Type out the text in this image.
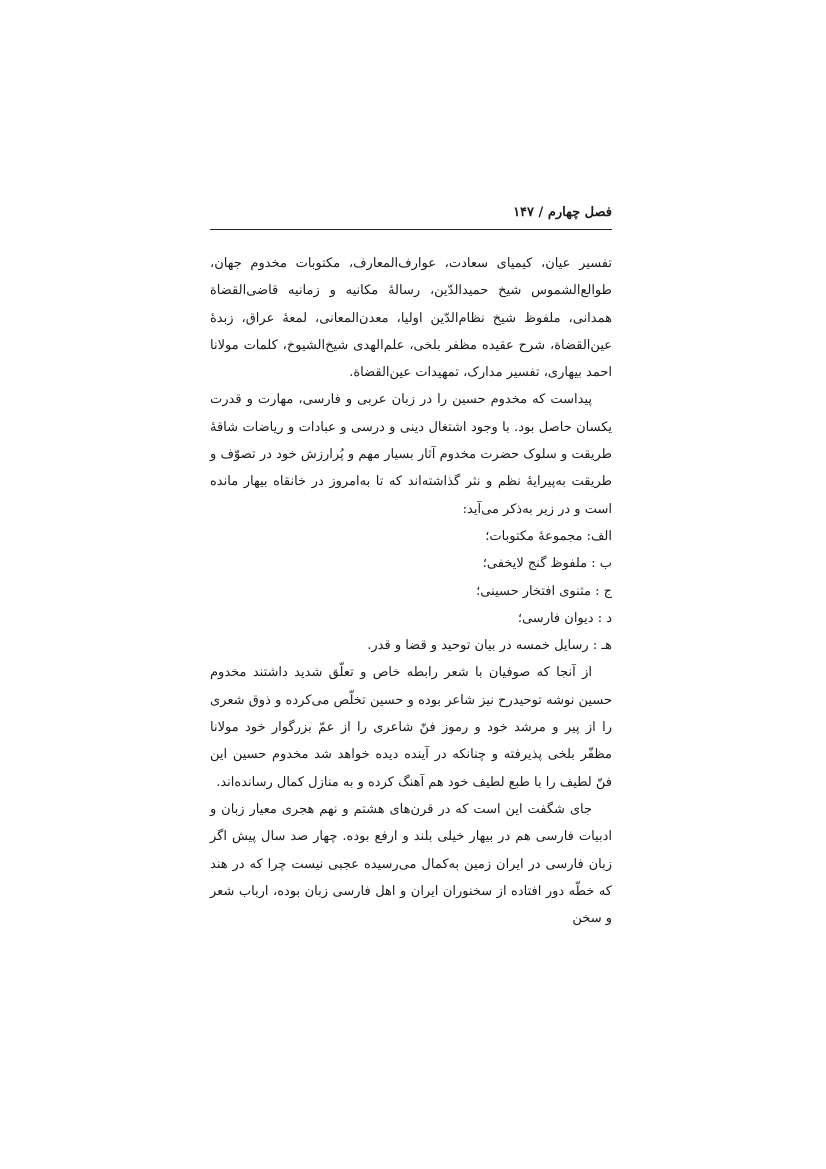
فصل چهارم / ۱۴۷

تفسیر عیان، کیمیای سعادت، عوارف‌المعارف، مکتوبات مخدوم جهان، طوالع‌الشموس شیخ حمیدالدّین، رسالهٔ مکانیه و زمانیه قاضی‌القضاة همدانی، ملفوظ شیخ نظام‌الدّین اولیا، معدن‌المعانی، لمعهٔ عراق، زبدهٔ عین‌القضاة، شرح عقیده مظفر بلخی، علم‌الهدی شیخ‌الشیوخ، کلمات مولانا احمد بیهاری، تفسیر مدارک، تمهیدات عین‌القضاة.

پیداست که مخدوم حسین را در زبان عربی و فارسی، مهارت و قدرت یکسان حاصل بود. با وجود اشتغال دینی و درسی و عبادات و ریاضات شاقهٔ طریقت و سلوک حضرت مخدوم آثار بسیار مهم و پُرارزش خود در تصوّف و طریقت به‌پیرایهٔ نظم و نثر گذاشته‌اند که تا به‌امروز در خانقاه بیهار مانده است و در زیر به‌ذکر می‌آید:

الف: مجموعهٔ مکتوبات؛

ب : ملفوظ گنج لایخفی؛

ج : مثنوی افتخار حسینی؛

د : دیوان فارسی؛

هـ : رسایل خمسه در بیان توحید و قضا و قدر.

از آنجا که صوفیان با شعر رابطه خاص و تعلّق شدید داشتند مخدوم حسین نوشه توحیدرح نیز شاعر بوده و حسین تخلّص می‌کرده و ذوق شعری را از پیر و مرشد خود و رموز فنّ شاعری را از عمّ بزرگوار خود مولانا مظفّر بلخی پذیرفته و چنانکه در آینده دیده خواهد شد مخدوم حسین این فنّ لطیف را با طبع لطیف خود هم آهنگ کرده و به منازل کمال رسانده‌اند.

جای شگفت این است که در قرن‌های هشتم و نهم هجری معیار زبان و ادبیات فارسی هم در بیهار خیلی بلند و ارفع بوده. چهار صد سال پیش اگر زبان فارسی در ایران زمین به‌کمال می‌رسیده عجبی نیست چرا که در هند که خطّه دور افتاده از سخنوران ایران و اهل فارسی زبان بوده، ارباب شعر و سخن
